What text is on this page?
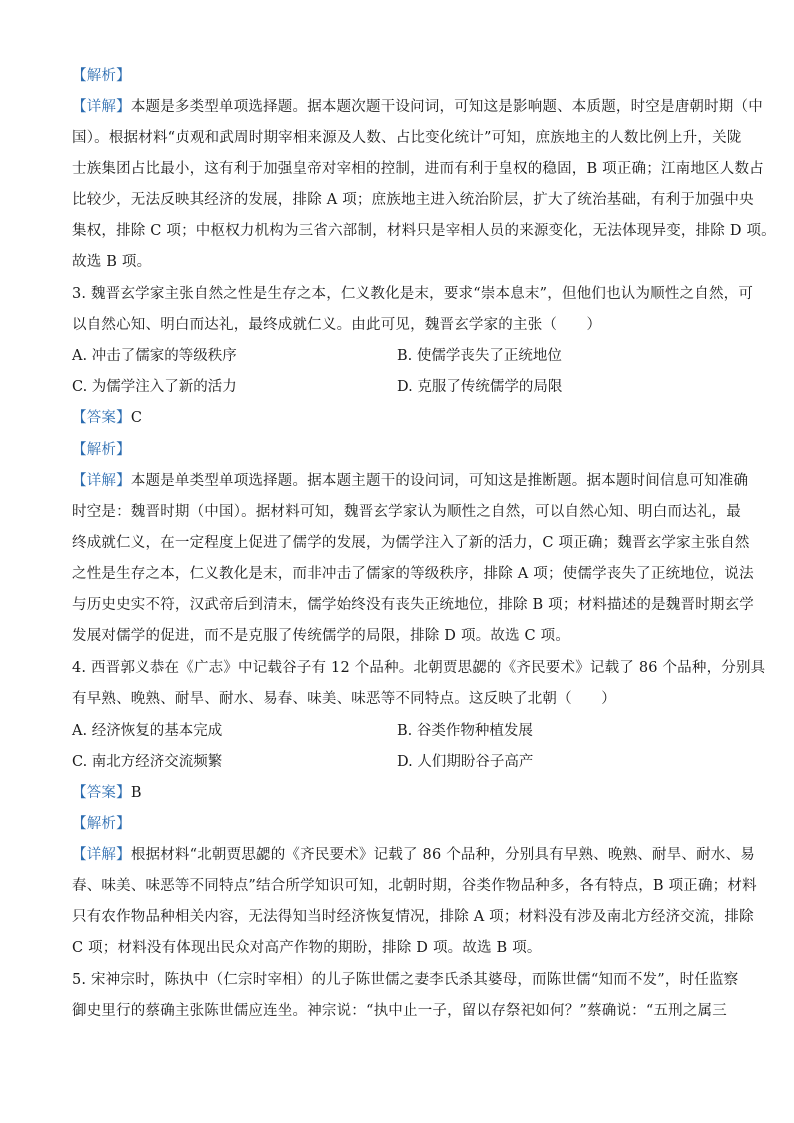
【解析】
【详解】本题是多类型单项选择题。据本题次题干设问词，可知这是影响题、本质题，时空是唐朝时期（中
国）。根据材料“贞观和武周时期宰相来源及人数、占比变化统计”可知，庶族地主的人数比例上升，关陇
士族集团占比最小，这有利于加强皇帝对宰相的控制，进而有利于皇权的稳固，B 项正确；江南地区人数占
比较少，无法反映其经济的发展，排除 A 项；庶族地主进入统治阶层，扩大了统治基础，有利于加强中央
集权，排除 C 项；中枢权力机构为三省六部制，材料只是宰相人员的来源变化，无法体现异变，排除 D 项。
故选 B 项。
3. 魏晋玄学家主张自然之性是生存之本，仁义教化是末，要求“崇本息末”，但他们也认为顺性之自然，可
以自然心知、明白而达礼，最终成就仁义。由此可见，魏晋玄学家的主张（　　）
A. 冲击了儒家的等级秩序	B. 使儒学丧失了正统地位
C. 为儒学注入了新的活力	D. 克服了传统儒学的局限
【答案】C
【解析】
【详解】本题是单类型单项选择题。据本题主题干的设问词，可知这是推断题。据本题时间信息可知准确
时空是：魏晋时期（中国）。据材料可知，魏晋玄学家认为顺性之自然，可以自然心知、明白而达礼，最
终成就仁义，在一定程度上促进了儒学的发展，为儒学注入了新的活力，C 项正确；魏晋玄学家主张自然
之性是生存之本，仁义教化是末，而非冲击了儒家的等级秩序，排除 A 项；使儒学丧失了正统地位，说法
与历史史实不符，汉武帝后到清末，儒学始终没有丧失正统地位，排除 B 项；材料描述的是魏晋时期玄学
发展对儒学的促进，而不是克服了传统儒学的局限，排除 D 项。故选 C 项。
4. 西晋郭义恭在《广志》中记载谷子有 12 个品种。北朝贾思勰的《齐民要术》记载了 86 个品种，分别具
有早熟、晚熟、耐旱、耐水、易春、味美、味恶等不同特点。这反映了北朝（　　）
A. 经济恢复的基本完成	B. 谷类作物种植发展
C. 南北方经济交流频繁	D. 人们期盼谷子高产
【答案】B
【解析】
【详解】根据材料“北朝贾思勰的《齐民要术》记载了 86 个品种，分别具有早熟、晚熟、耐旱、耐水、易
春、味美、味恶等不同特点”结合所学知识可知，北朝时期，谷类作物品种多，各有特点，B 项正确；材料
只有农作物品种相关内容，无法得知当时经济恢复情况，排除 A 项；材料没有涉及南北方经济交流，排除
C 项；材料没有体现出民众对高产作物的期盼，排除 D 项。故选 B 项。
5. 宋神宗时，陈执中（仁宗时宰相）的儿子陈世儒之妻李氏杀其婆母，而陈世儒“知而不发”，时任监察
御史里行的蔡确主张陈世儒应连坐。神宗说：“执中止一子，留以存祭祀如何？”蔡确说：“五刑之属三
